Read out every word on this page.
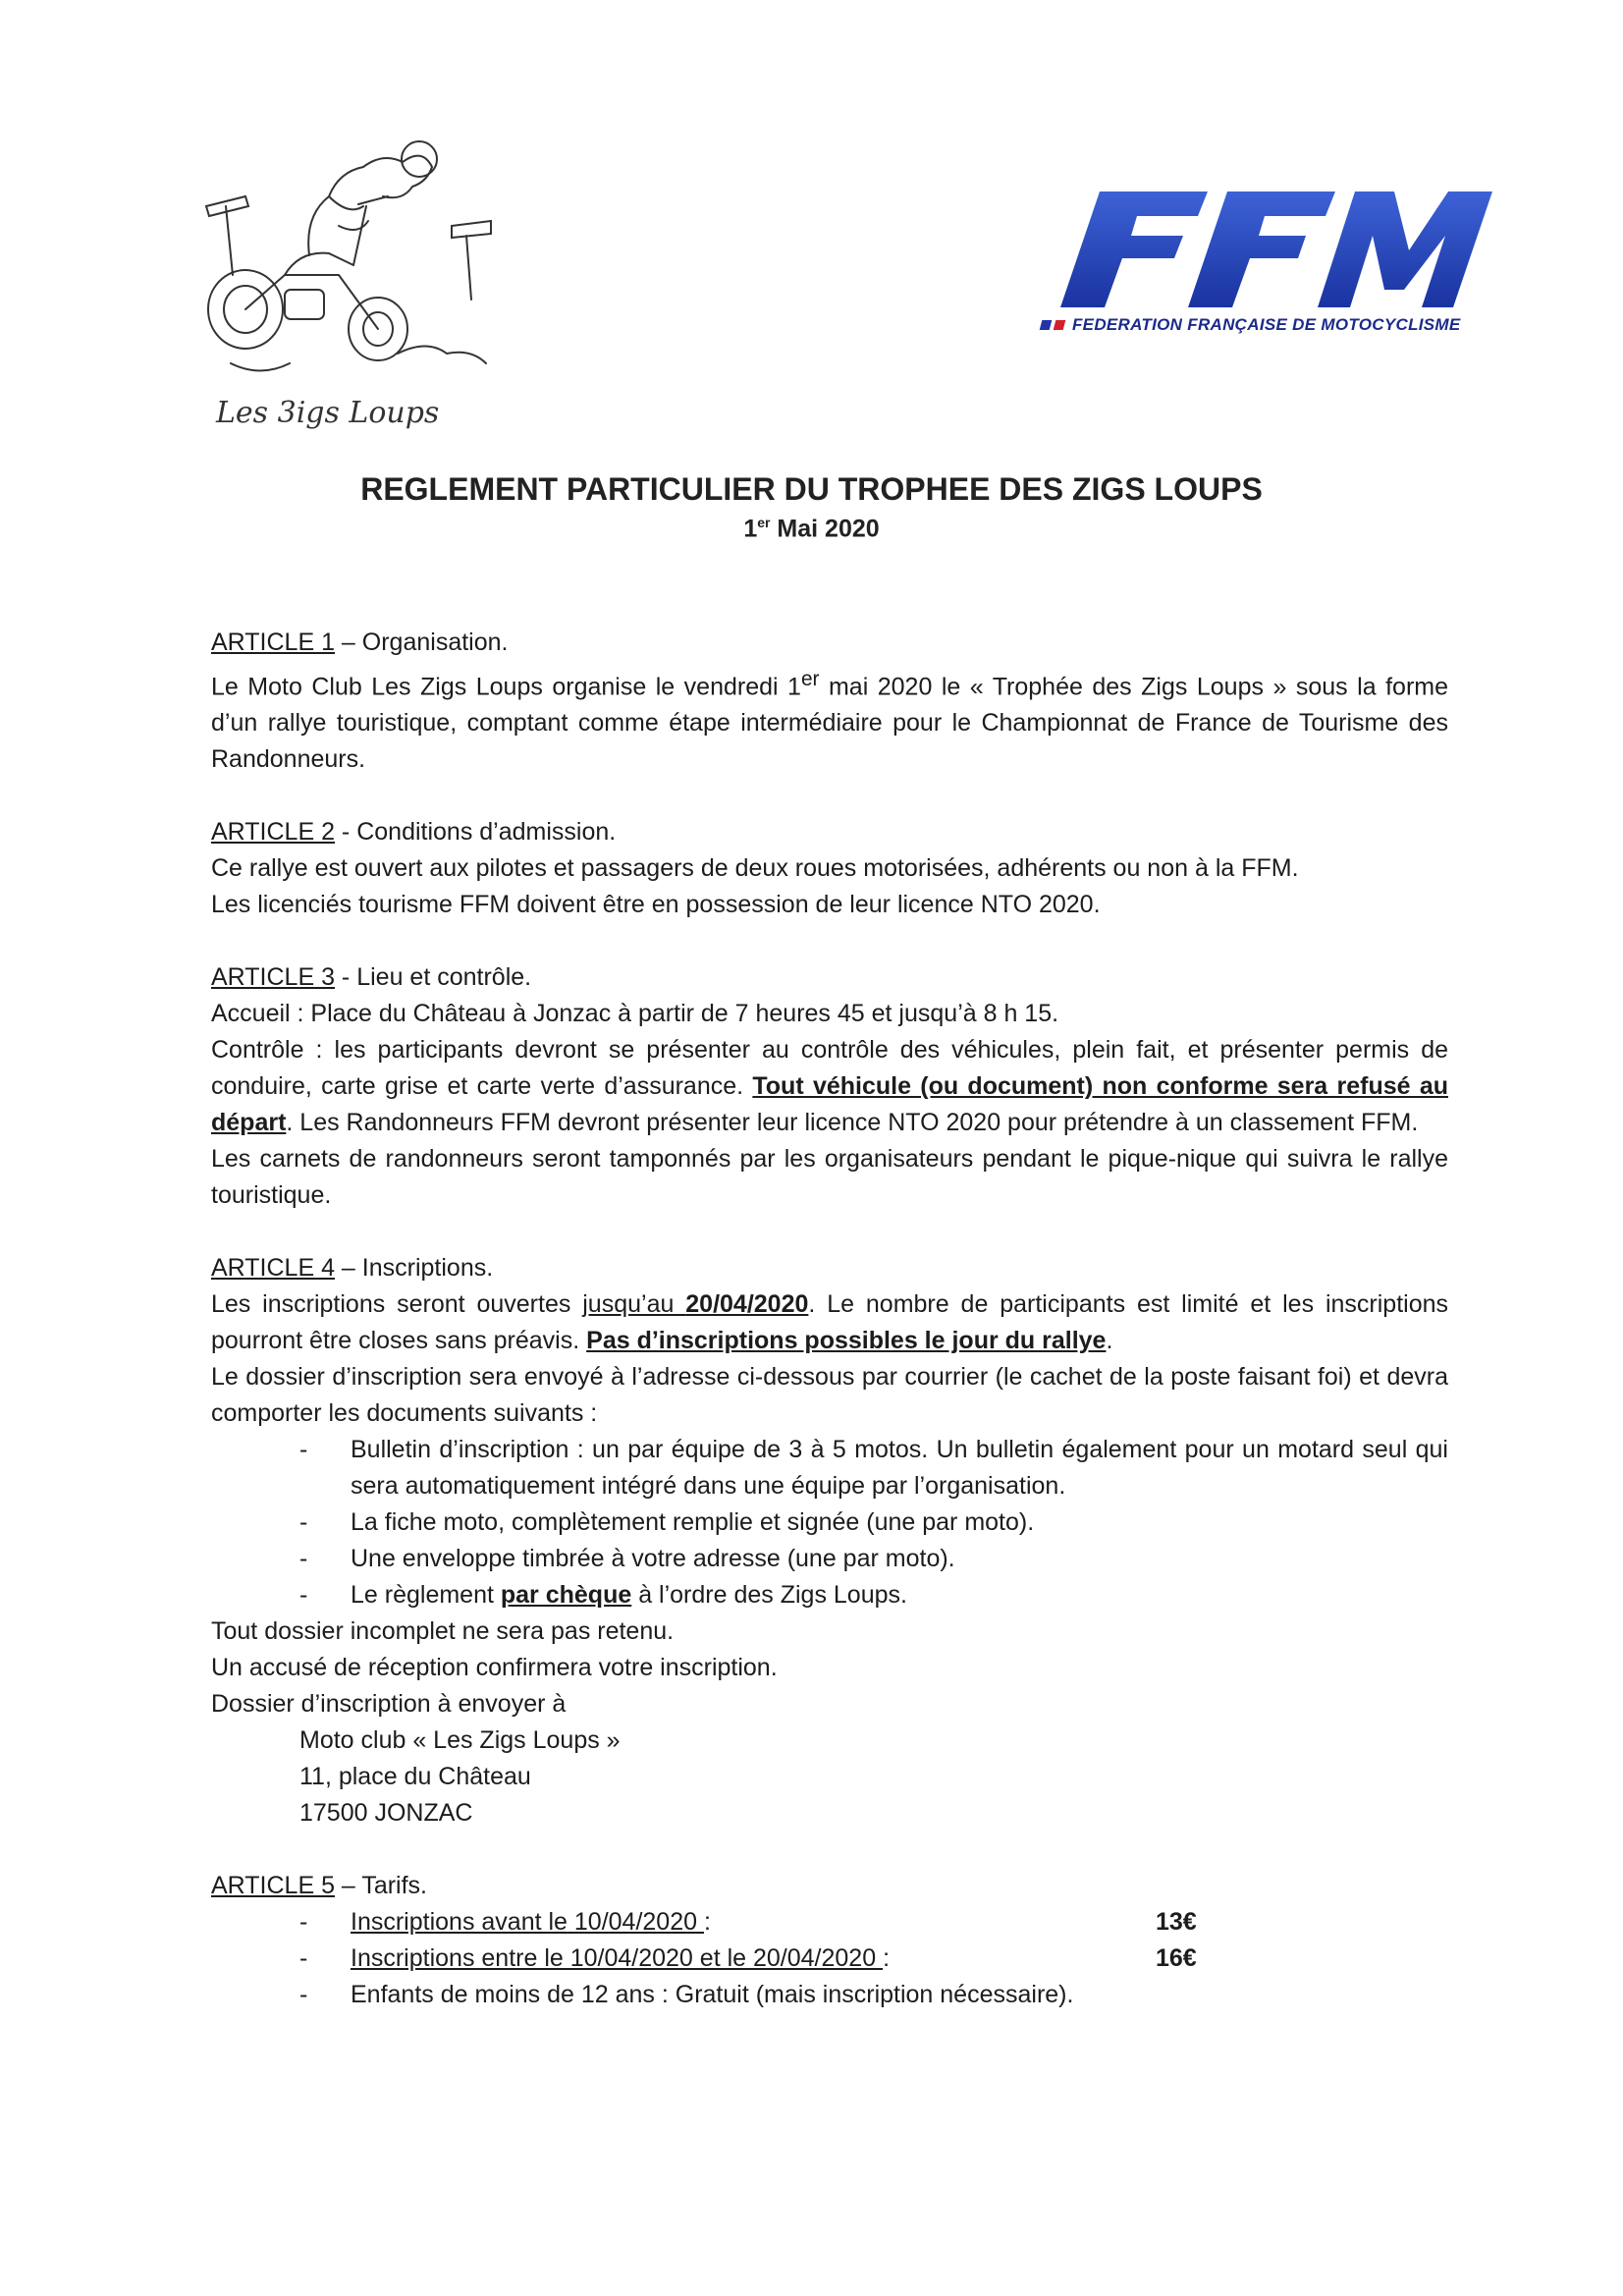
Les 3igs Loups
FEDERATION FRANÇAISE DE MOTOCYCLISME
REGLEMENT PARTICULIER DU TROPHEE DES ZIGS LOUPS
1er Mai 2020

ARTICLE 1 – Organisation.

Le Moto Club Les Zigs Loups organise le vendredi 1er mai 2020 le « Trophée des Zigs Loups » sous la forme d’un rallye touristique, comptant comme étape intermédiaire pour le Championnat de France de Tourisme des Randonneurs.

ARTICLE 2 - Conditions d’admission.

Ce rallye est ouvert aux pilotes et passagers de deux roues motorisées, adhérents ou non à la FFM.

Les licenciés tourisme FFM doivent être en possession de leur licence NTO 2020.

ARTICLE 3 - Lieu et contrôle.

Accueil : Place du Château à Jonzac à partir de 7 heures 45 et jusqu’à 8 h 15.

Contrôle : les participants devront se présenter au contrôle des véhicules, plein fait, et présenter permis de conduire, carte grise et carte verte d’assurance. Tout véhicule (ou document) non conforme sera refusé au départ. Les Randonneurs FFM devront présenter leur licence NTO 2020 pour prétendre à un classement FFM.

Les carnets de randonneurs seront tamponnés par les organisateurs pendant le pique-nique qui suivra le rallye touristique.

ARTICLE 4 – Inscriptions.

Les inscriptions seront ouvertes jusqu’au 20/04/2020. Le nombre de participants est limité et les inscriptions pourront être closes sans préavis. Pas d’inscriptions possibles le jour du rallye.

Le dossier d’inscription sera envoyé à l’adresse ci-dessous par courrier (le cachet de la poste faisant foi) et devra comporter les documents suivants :

- Bulletin d’inscription : un par équipe de 3 à 5 motos. Un bulletin également pour un motard seul qui sera automatiquement intégré dans une équipe par l’organisation.
- La fiche moto, complètement remplie et signée (une par moto).
- Une enveloppe timbrée à votre adresse (une par moto).
- Le règlement par chèque à l’ordre des Zigs Loups.

Tout dossier incomplet ne sera pas retenu.

Un accusé de réception confirmera votre inscription.

Dossier d’inscription à envoyer à

Moto club « Les Zigs Loups »

11, place du Château

17500 JONZAC

ARTICLE 5 – Tarifs.

- Inscriptions avant le 10/04/2020 :	13€
- Inscriptions entre le 10/04/2020 et le 20/04/2020 :	16€
- Enfants de moins de 12 ans : Gratuit (mais inscription nécessaire).
